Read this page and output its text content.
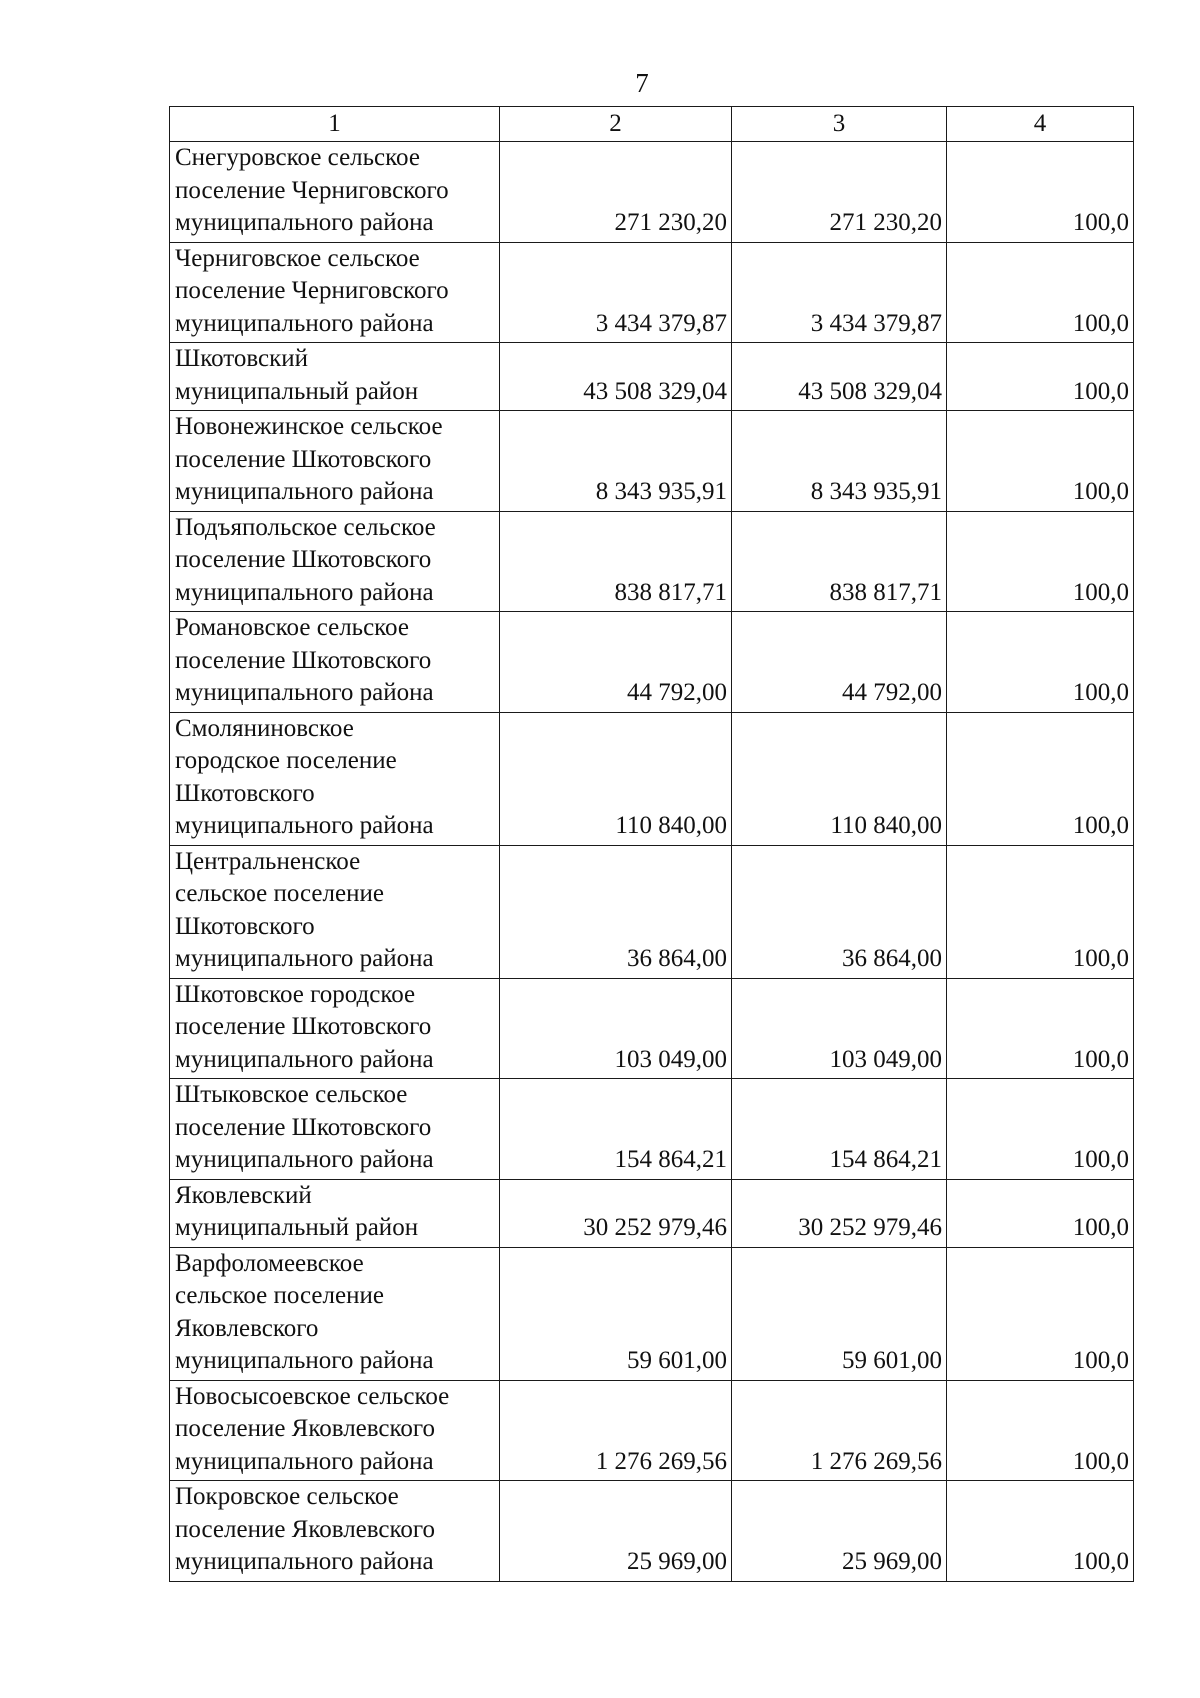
7
1	2	3	4
Снегуровское сельское
поселение Черниговского
муниципального района	271 230,20	271 230,20	100,0
Черниговское сельское
поселение Черниговского
муниципального района	3 434 379,87	3 434 379,87	100,0
Шкотовский
муниципальный район	43 508 329,04	43 508 329,04	100,0
Новонежинское сельское
поселение Шкотовского
муниципального района	8 343 935,91	8 343 935,91	100,0
Подъяпольское сельское
поселение Шкотовского
муниципального района	838 817,71	838 817,71	100,0
Романовское сельское
поселение Шкотовского
муниципального района	44 792,00	44 792,00	100,0
Смоляниновское
городское поселение
Шкотовского
муниципального района	110 840,00	110 840,00	100,0
Центральненское
сельское поселение
Шкотовского
муниципального района	36 864,00	36 864,00	100,0
Шкотовское городское
поселение Шкотовского
муниципального района	103 049,00	103 049,00	100,0
Штыковское сельское
поселение Шкотовского
муниципального района	154 864,21	154 864,21	100,0
Яковлевский
муниципальный район	30 252 979,46	30 252 979,46	100,0
Варфоломеевское
сельское поселение
Яковлевского
муниципального района	59 601,00	59 601,00	100,0
Новосысоевское сельское
поселение Яковлевского
муниципального района	1 276 269,56	1 276 269,56	100,0
Покровское сельское
поселение Яковлевского
муниципального района	25 969,00	25 969,00	100,0
